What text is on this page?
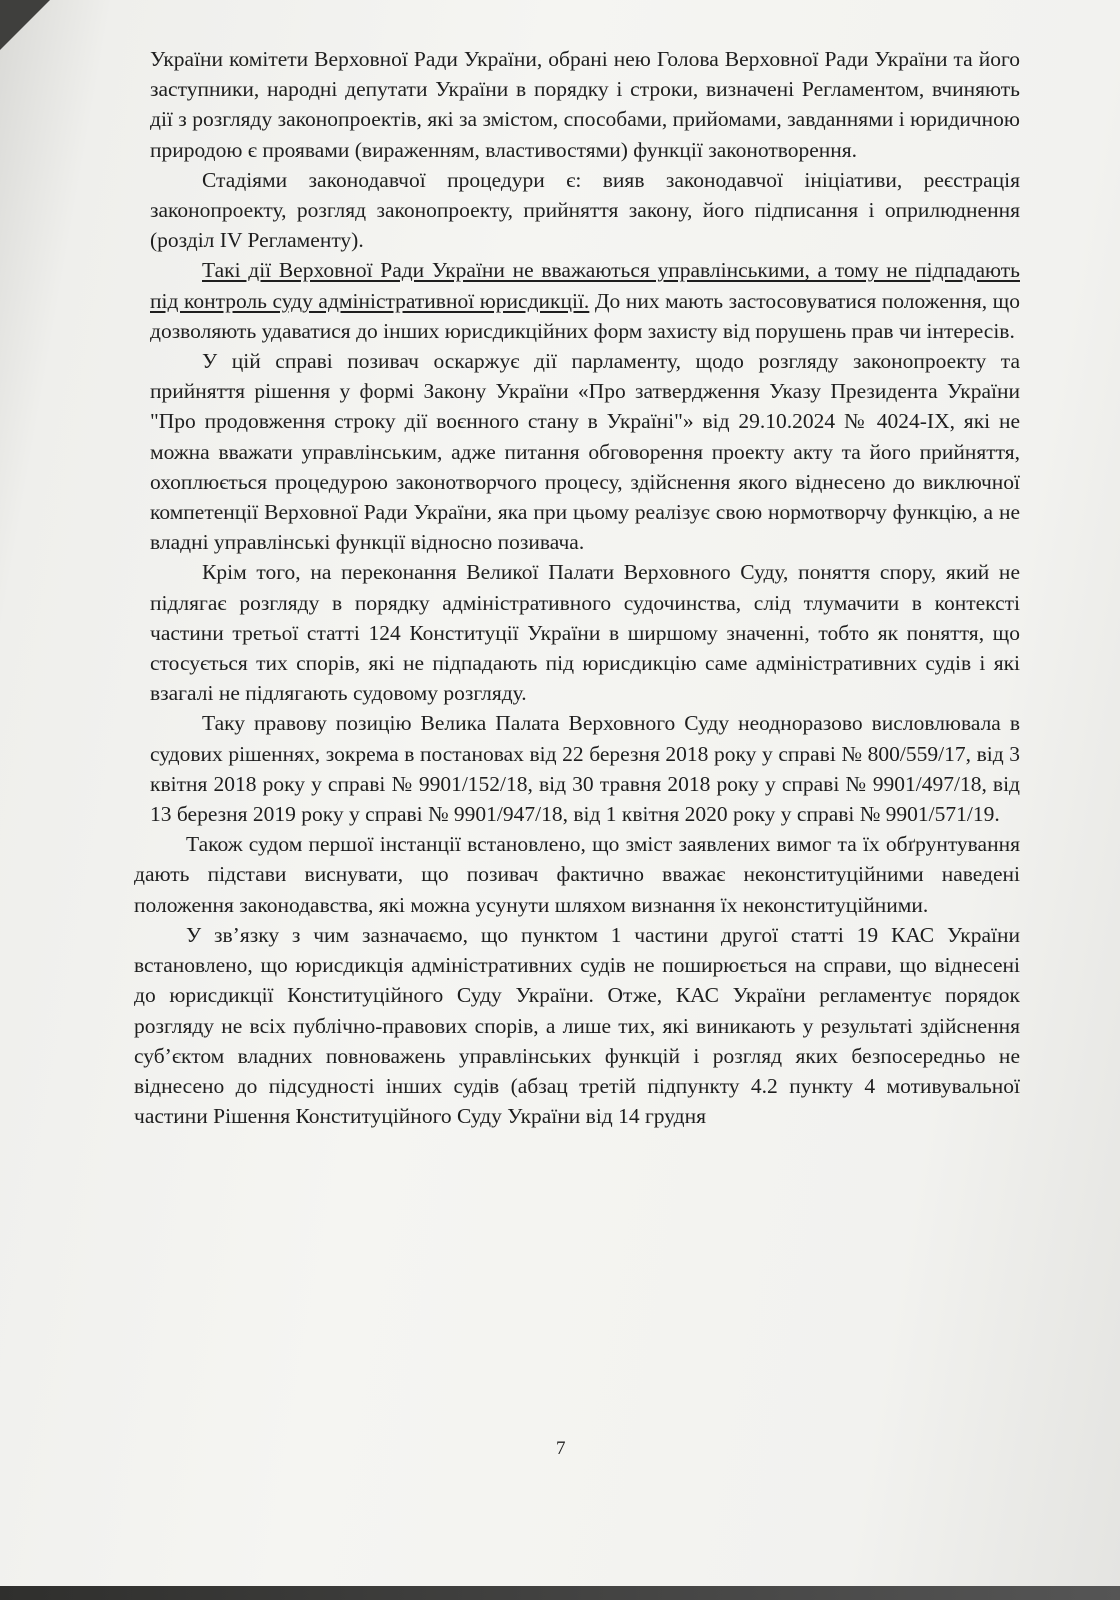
України комітети Верховної Ради України, обрані нею Голова Верховної Ради України та його заступники, народні депутати України в порядку і строки, визначені Регламентом, вчиняють дії з розгляду законопроектів, які за змістом, способами, прийомами, завданнями і юридичною природою є проявами (вираженням, властивостями) функції законотворення.

Стадіями законодавчої процедури є: вияв законодавчої ініціативи, реєстрація законопроекту, розгляд законопроекту, прийняття закону, його підписання і оприлюднення (розділ IV Регламенту).

Такі дії Верховної Ради України не вважаються управлінськими, а тому не підпадають під контроль суду адміністративної юрисдикції. До них мають застосовуватися положення, що дозволяють удаватися до інших юрисдикційних форм захисту від порушень прав чи інтересів.

У цій справі позивач оскаржує дії парламенту, щодо розгляду законопроекту та прийняття рішення у формі Закону України «Про затвердження Указу Президента України "Про продовження строку дії воєнного стану в Україні"» від 29.10.2024 № 4024-IX, які не можна вважати управлінським, адже питання обговорення проекту акту та його прийняття, охоплюється процедурою законотворчого процесу, здійснення якого віднесено до виключної компетенції Верховної Ради України, яка при цьому реалізує свою нормотворчу функцію, а не владні управлінські функції відносно позивача.

Крім того, на переконання Великої Палати Верховного Суду, поняття спору, який не підлягає розгляду в порядку адміністративного судочинства, слід тлумачити в контексті частини третьої статті 124 Конституції України в ширшому значенні, тобто як поняття, що стосується тих спорів, які не підпадають під юрисдикцію саме адміністративних судів і які взагалі не підлягають судовому розгляду.

Таку правову позицію Велика Палата Верховного Суду неодноразово висловлювала в судових рішеннях, зокрема в постановах від 22 березня 2018 року у справі № 800/559/17, від 3 квітня 2018 року у справі № 9901/152/18, від 30 травня 2018 року у справі № 9901/497/18, від 13 березня 2019 року у справі № 9901/947/18, від 1 квітня 2020 року у справі № 9901/571/19.

Також судом першої інстанції встановлено, що зміст заявлених вимог та їх обґрунтування дають підстави виснувати, що позивач фактично вважає неконституційними наведені положення законодавства, які можна усунути шляхом визнання їх неконституційними.

У зв’язку з чим зазначаємо, що пунктом 1 частини другої статті 19 КАС України встановлено, що юрисдикція адміністративних судів не поширюється на справи, що віднесені до юрисдикції Конституційного Суду України. Отже, КАС України регламентує порядок розгляду не всіх публічно-правових спорів, а лише тих, які виникають у результаті здійснення суб’єктом владних повноважень управлінських функцій і розгляд яких безпосередньо не віднесено до підсудності інших судів (абзац третій підпункту 4.2 пункту 4 мотивувальної частини Рішення Конституційного Суду України від 14 грудня

7
